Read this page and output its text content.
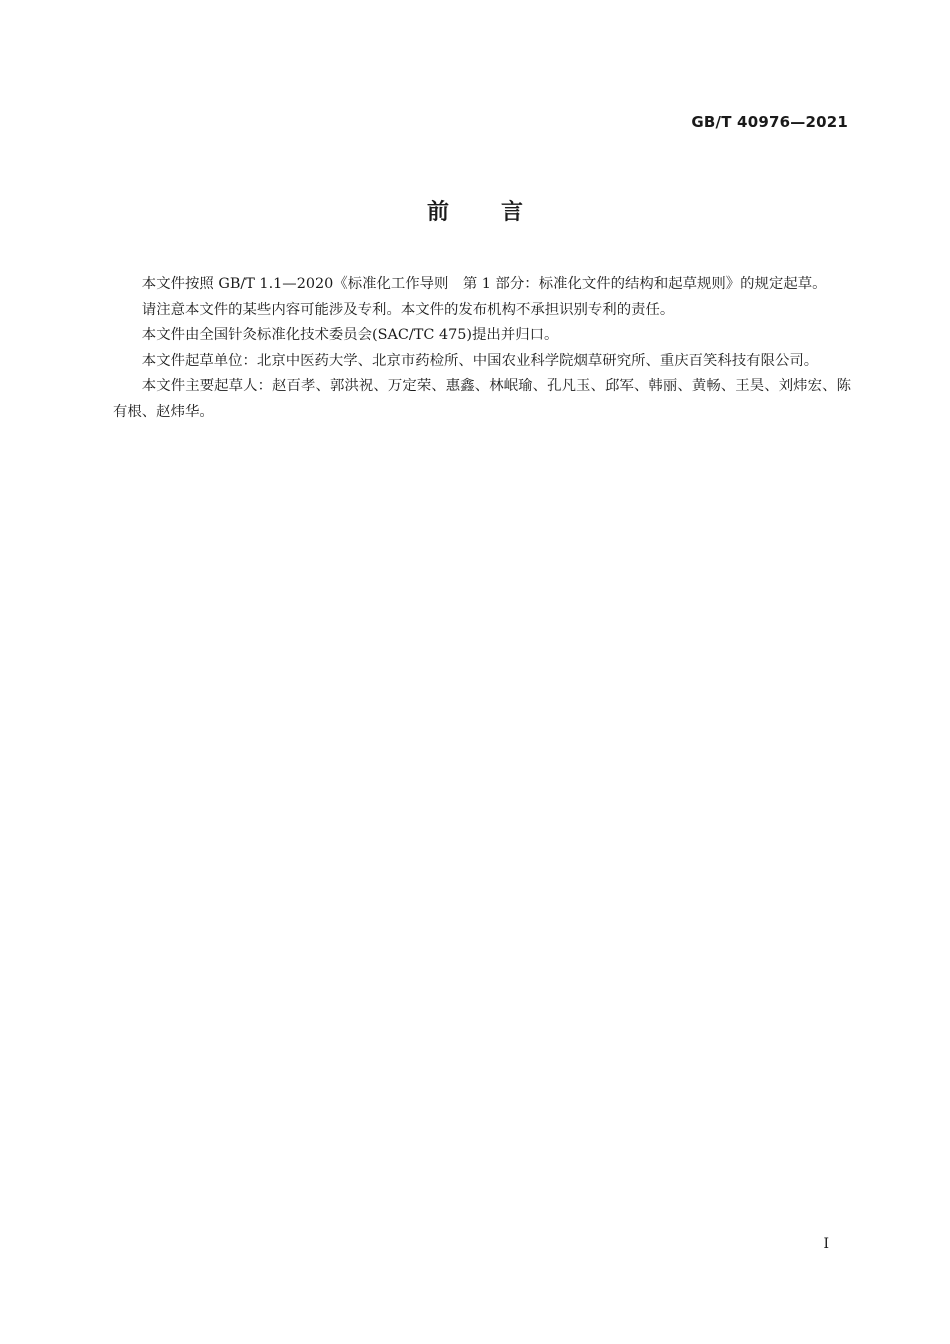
GB/T 40976—2021
前言

本文件按照 GB/T 1.1—2020《标准化工作导则　第 1 部分：标准化文件的结构和起草规则》的规定起草。

请注意本文件的某些内容可能涉及专利。本文件的发布机构不承担识别专利的责任。

本文件由全国针灸标准化技术委员会(SAC/TC 475)提出并归口。

本文件起草单位：北京中医药大学、北京市药检所、中国农业科学院烟草研究所、重庆百笑科技有限公司。

本文件主要起草人：赵百孝、郭洪祝、万定荣、惠鑫、林岷瑜、孔凡玉、邱军、韩丽、黄畅、王昊、刘炜宏、陈有根、赵炜华。

I
